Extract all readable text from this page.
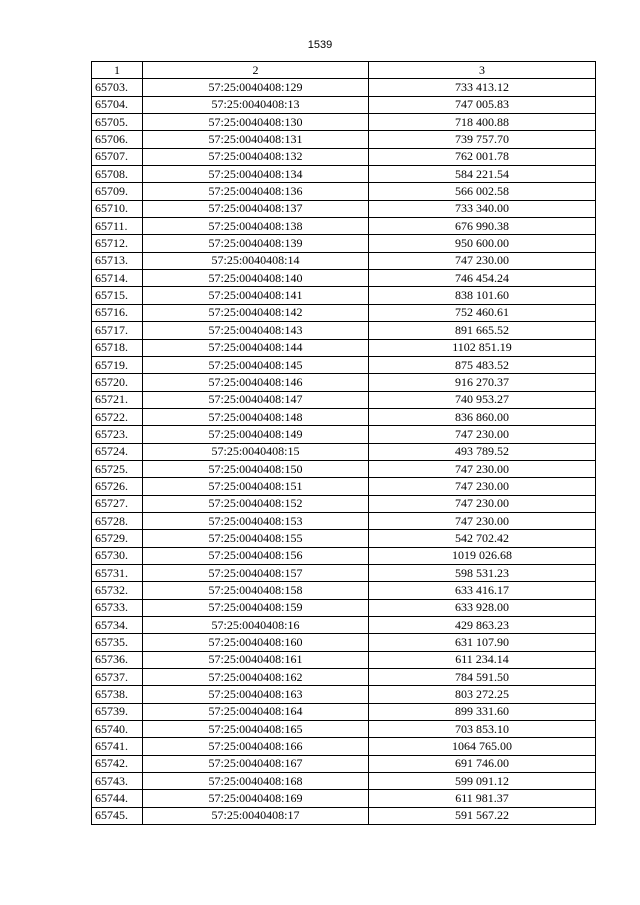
1539
1	2	3
65703.	57:25:0040408:129	733 413.12
65704.	57:25:0040408:13	747 005.83
65705.	57:25:0040408:130	718 400.88
65706.	57:25:0040408:131	739 757.70
65707.	57:25:0040408:132	762 001.78
65708.	57:25:0040408:134	584 221.54
65709.	57:25:0040408:136	566 002.58
65710.	57:25:0040408:137	733 340.00
65711.	57:25:0040408:138	676 990.38
65712.	57:25:0040408:139	950 600.00
65713.	57:25:0040408:14	747 230.00
65714.	57:25:0040408:140	746 454.24
65715.	57:25:0040408:141	838 101.60
65716.	57:25:0040408:142	752 460.61
65717.	57:25:0040408:143	891 665.52
65718.	57:25:0040408:144	1102 851.19
65719.	57:25:0040408:145	875 483.52
65720.	57:25:0040408:146	916 270.37
65721.	57:25:0040408:147	740 953.27
65722.	57:25:0040408:148	836 860.00
65723.	57:25:0040408:149	747 230.00
65724.	57:25:0040408:15	493 789.52
65725.	57:25:0040408:150	747 230.00
65726.	57:25:0040408:151	747 230.00
65727.	57:25:0040408:152	747 230.00
65728.	57:25:0040408:153	747 230.00
65729.	57:25:0040408:155	542 702.42
65730.	57:25:0040408:156	1019 026.68
65731.	57:25:0040408:157	598 531.23
65732.	57:25:0040408:158	633 416.17
65733.	57:25:0040408:159	633 928.00
65734.	57:25:0040408:16	429 863.23
65735.	57:25:0040408:160	631 107.90
65736.	57:25:0040408:161	611 234.14
65737.	57:25:0040408:162	784 591.50
65738.	57:25:0040408:163	803 272.25
65739.	57:25:0040408:164	899 331.60
65740.	57:25:0040408:165	703 853.10
65741.	57:25:0040408:166	1064 765.00
65742.	57:25:0040408:167	691 746.00
65743.	57:25:0040408:168	599 091.12
65744.	57:25:0040408:169	611 981.37
65745.	57:25:0040408:17	591 567.22
